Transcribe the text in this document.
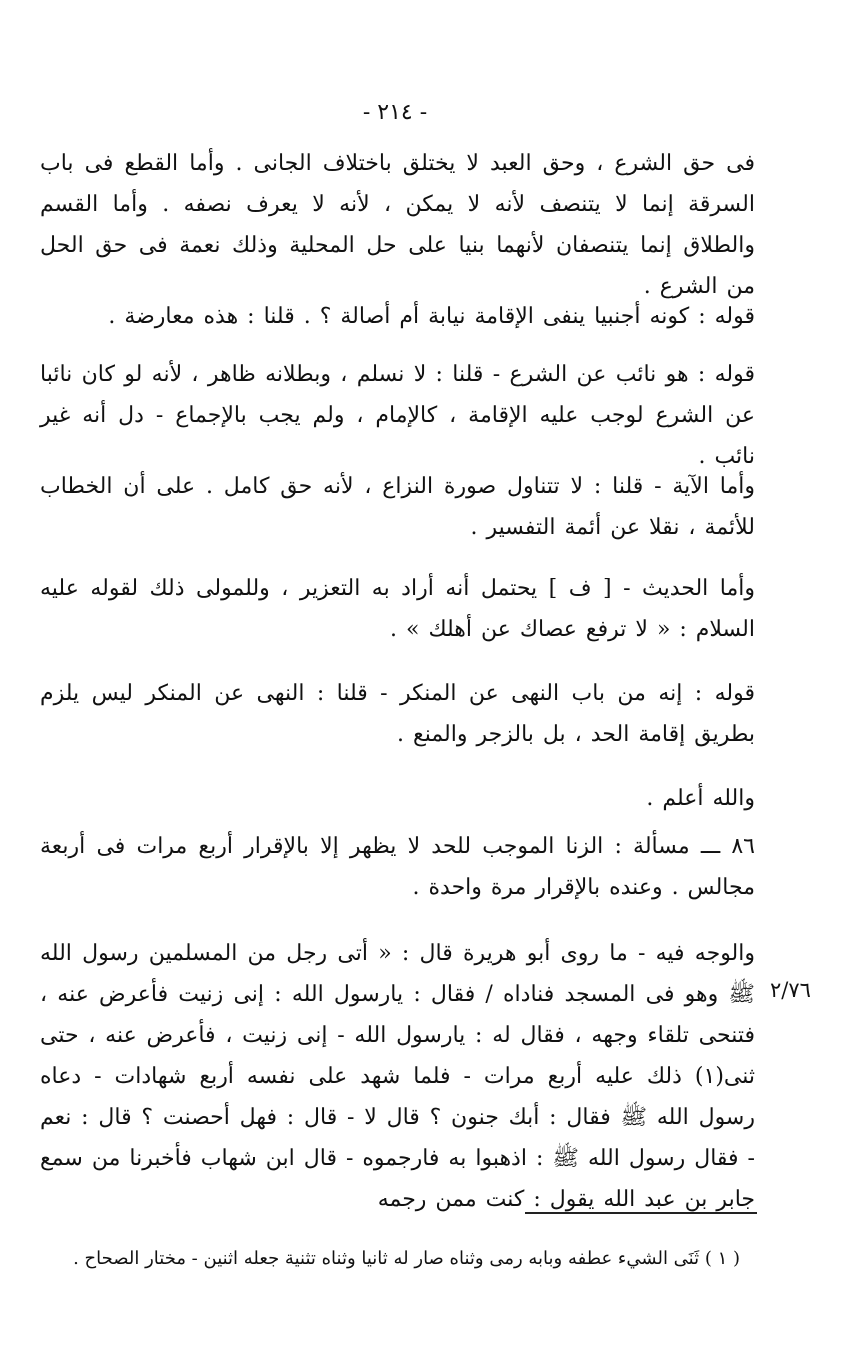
- ٢١٤ -

فى حق الشرع ، وحق العبد لا يختلق باختلاف الجانى . وأما القطع فى باب السرقة إنما لا يتنصف لأنه لا يمكن ، لأنه لا يعرف نصفه . وأما القسم والطلاق إنما يتنصفان لأنهما بنيا على حل المحلية وذلك نعمة فى حق الحل من الشرع .

قوله : كونه أجنبيا ينفى الإقامة نيابة أم أصالة ؟ . قلنا : هذه معارضة .

قوله : هو نائب عن الشرع - قلنا : لا نسلم ، وبطلانه ظاهر ، لأنه لو كان نائبا عن الشرع لوجب عليه الإقامة ، كالإمام ، ولم يجب بالإجماع - دل أنه غير نائب .

وأما الآية - قلنا : لا تتناول صورة النزاع ، لأنه حق كامل . على أن الخطاب للأئمة ، نقلا عن أئمة التفسير .

وأما الحديث - [ ف ] يحتمل أنه أراد به التعزير ، وللمولى ذلك لقوله عليه السلام : « لا ترفع عصاك عن أهلك » .

قوله : إنه من باب النهى عن المنكر - قلنا : النهى عن المنكر ليس يلزم بطريق إقامة الحد ، بل بالزجر والمنع .

والله أعلم .

٨٦ ـــ مسألة : الزنا الموجب للحد لا يظهر إلا بالإقرار أربع مرات فى أربعة مجالس . وعنده بالإقرار مرة واحدة .

والوجه فيه - ما روى أبو هريرة قال : « أتى رجل من المسلمين رسول الله ﷺ وهو فى المسجد فناداه / فقال : يارسول الله : إنى زنيت فأعرض عنه ، فتنحى تلقاء وجهه ، فقال له : يارسول الله - إنى زنيت ، فأعرض عنه ، حتى ثنى(١) ذلك عليه أربع مرات - فلما شهد على نفسه أربع شهادات - دعاه رسول الله ﷺ فقال : أبك جنون ؟ قال لا - قال : فهل أحصنت ؟ قال : نعم - فقال رسول الله ﷺ : اذهبوا به فارجموه - قال ابن شهاب فأخبرنا من سمع جابر بن عبد الله يقول : كنت ممن رجمه

٢/٧٦
( ١ ) ثَنَى الشيء عطفه وبابه رمى وثناه صار له ثانيا وثناه تثنية جعله اثنين - مختار الصحاح .
